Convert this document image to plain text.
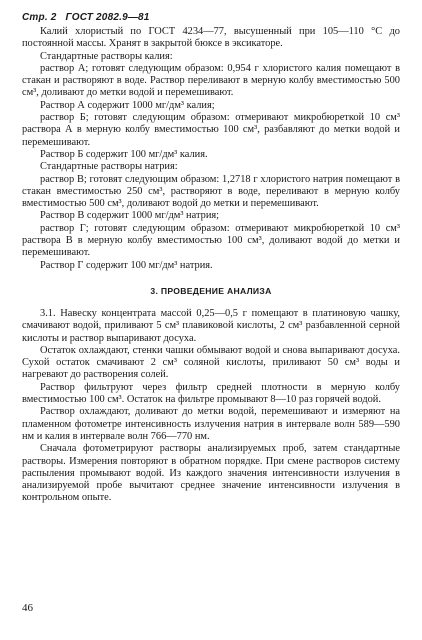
Стр. 2 ГОСТ 2082.9—81

Калий хлористый по ГОСТ 4234—77, высушенный при 105—110 °С до постоянной массы. Хранят в закрытой бюксе в эксикаторе.

Стандартные растворы калия:

раствор А; готовят следующим образом: 0,954 г хлористого калия помещают в стакан и растворяют в воде. Раствор переливают в мерную колбу вместимостью 500 см³, доливают до метки водой и перемешивают.

Раствор А содержит 1000 мг/дм³ калия;

раствор Б; готовят следующим образом: отмеривают микробюреткой 10 см³ раствора А в мерную колбу вместимостью 100 см³, разбавляют до метки водой и перемешивают.

Раствор Б содержит 100 мг/дм³ калия.

Стандартные растворы натрия:

раствор В; готовят следующим образом: 1,2718 г хлористого натрия помещают в стакан вместимостью 250 см³, растворяют в воде, переливают в мерную колбу вместимостью 500 см³, доливают водой до метки и перемешивают.

Раствор В содержит 1000 мг/дм³ натрия;

раствор Г; готовят следующим образом: отмеривают микробюреткой 10 см³ раствора В в мерную колбу вместимостью 100 см³, доливают водой до метки и перемешивают.

Раствор Г содержит 100 мг/дм³ натрия.

3. ПРОВЕДЕНИЕ АНАЛИЗА

3.1. Навеску концентрата массой 0,25—0,5 г помещают в платиновую чашку, смачивают водой, приливают 5 см³ плавиковой кислоты, 2 см³ разбавленной серной кислоты и раствор выпаривают досуха.

Остаток охлаждают, стенки чашки обмывают водой и снова выпаривают досуха. Сухой остаток смачивают 2 см³ соляной кислоты, приливают 50 см³ воды и нагревают до растворения солей.

Раствор фильтруют через фильтр средней плотности в мерную колбу вместимостью 100 см³. Остаток на фильтре промывают 8—10 раз горячей водой.

Раствор охлаждают, доливают до метки водой, перемешивают и измеряют на пламенном фотометре интенсивность излучения натрия в интервале волн 589—590 нм и калия в интервале волн 766—770 нм.

Сначала фотометрируют растворы анализируемых проб, затем стандартные растворы. Измерения повторяют в обратном порядке. При смене растворов систему распыления промывают водой. Из каждого значения интенсивности излучения в анализируемой пробе вычитают среднее значение интенсивности излучения в контрольном опыте.

46
